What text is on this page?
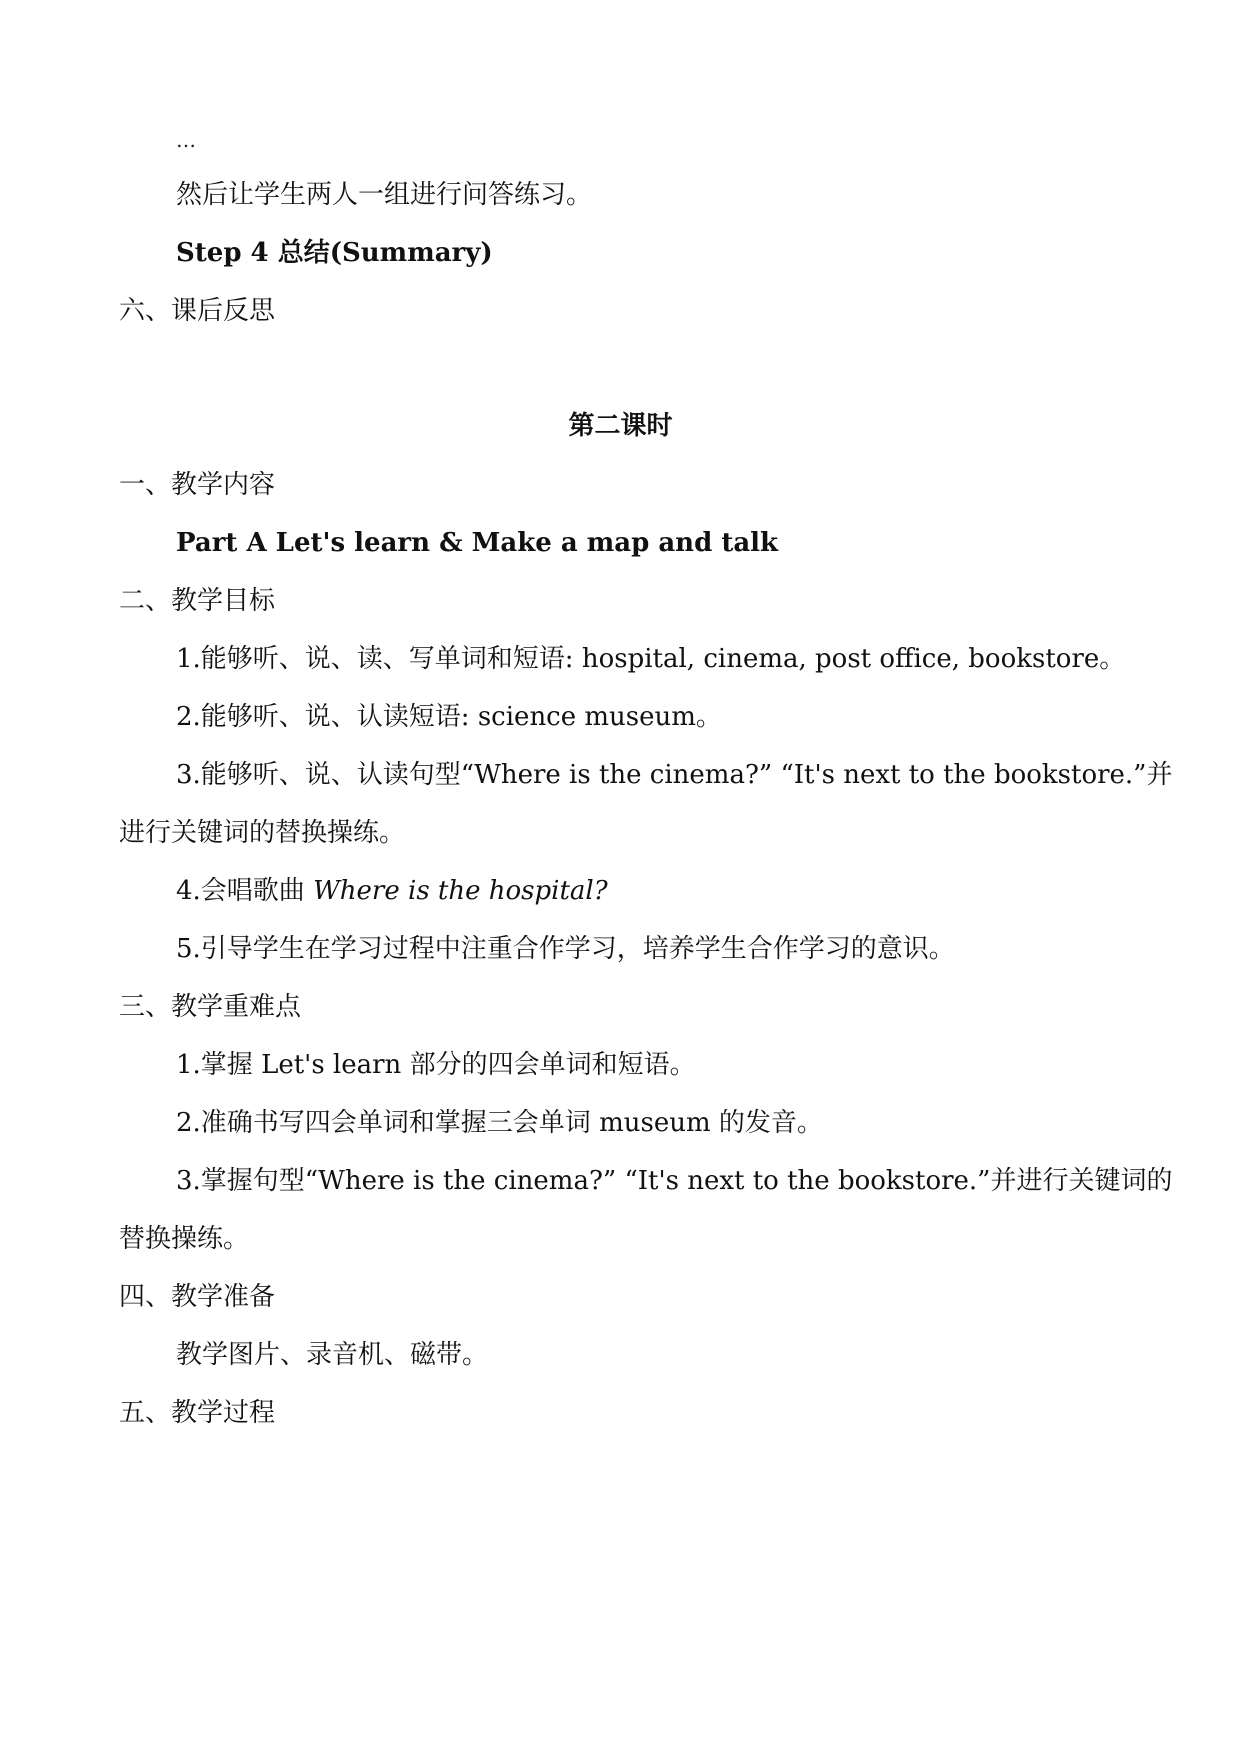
…
然后让学生两人一组进行问答练习。
Step 4 总结(Summary)
六、课后反思
第二课时
一、教学内容
Part A Let's learn & Make a map and talk
二、教学目标
1.能够听、说、读、写单词和短语: hospital, cinema, post office, bookstore。
2.能够听、说、认读短语: science museum。
3.能够听、说、认读句型“Where is the cinema?” “It's next to the bookstore.”并
进行关键词的替换操练。
4.会唱歌曲 Where is the hospital?
5.引导学生在学习过程中注重合作学习，培养学生合作学习的意识。
三、教学重难点
1.掌握 Let's learn 部分的四会单词和短语。
2.准确书写四会单词和掌握三会单词 museum 的发音。
3.掌握句型“Where is the cinema?” “It's next to the bookstore.”并进行关键词的
替换操练。
四、教学准备
教学图片、录音机、磁带。
五、教学过程
